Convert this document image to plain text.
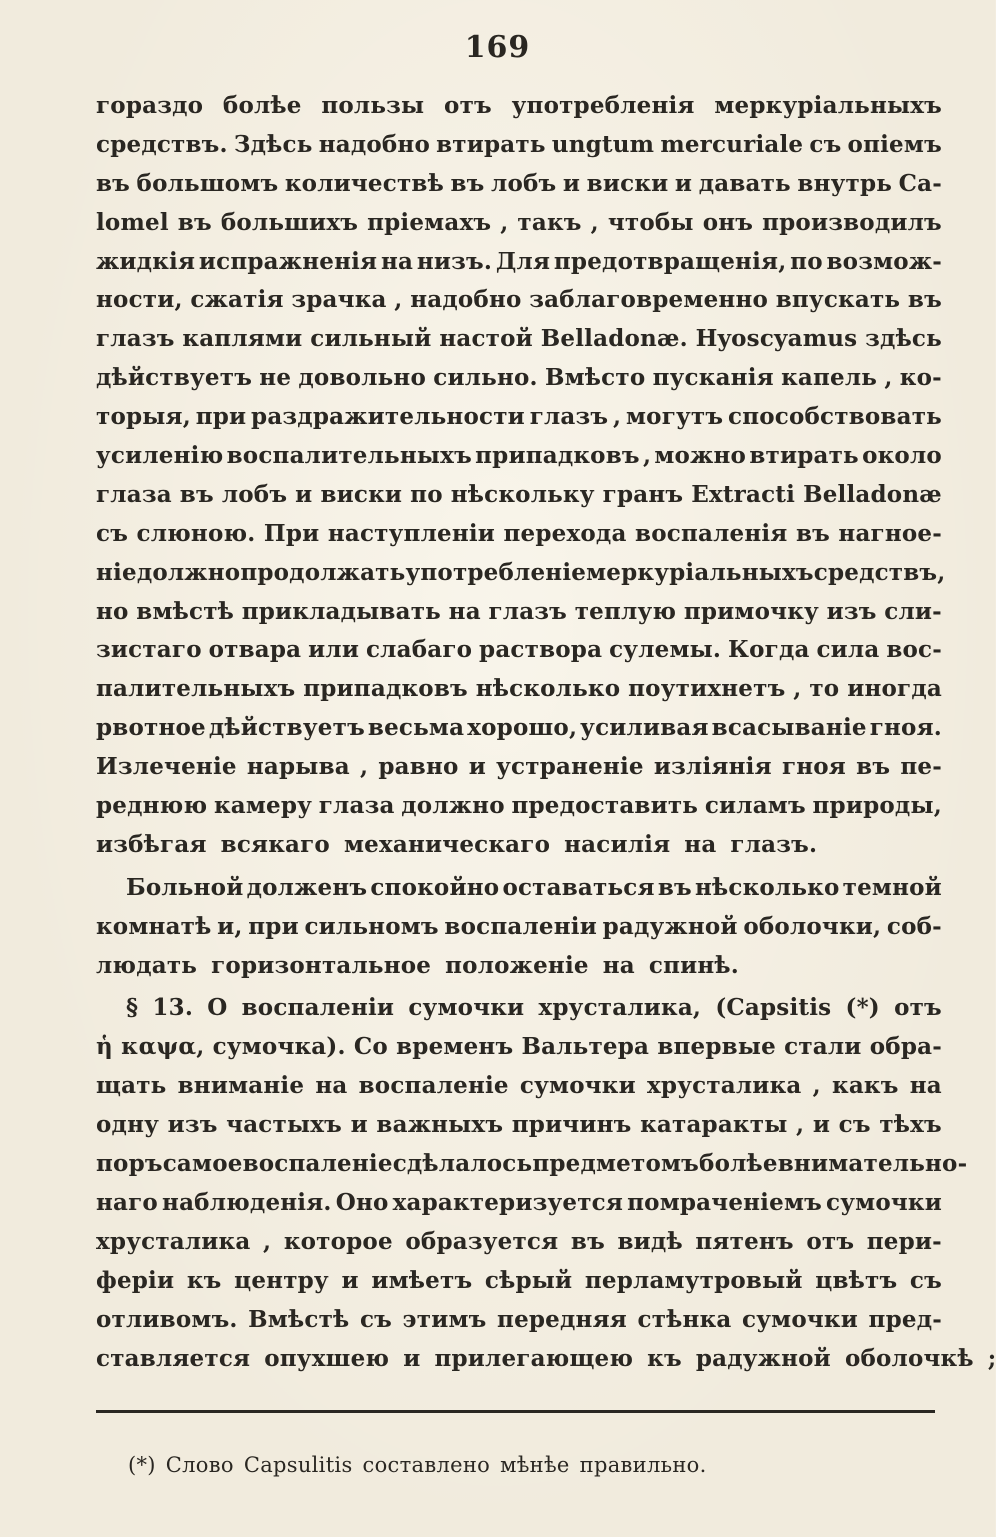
169
гораздо болѣе пользы отъ употребленія меркуріальныхъ
средствъ. Здѣсь надобно втирать ungtum mercuriale съ опіемъ
въ большомъ количествѣ въ лобъ и виски и давать внутрь Ca-
lomel въ большихъ пріемахъ , такъ , чтобы онъ производилъ
жидкія испражненія на низъ. Для предотвращенія, по возмож-
ности, сжатія зрачка , надобно заблаговременно впускать въ
глазъ каплями сильный настой Belladonæ. Hyoscyamus здѣсь
дѣйствуетъ не довольно сильно. Вмѣсто пусканія капель , ко-
торыя, при раздражительности глазъ , могутъ способствовать
усиленію воспалительныхъ припадковъ , можно втирать около
глаза въ лобъ и виски по нѣскольку гранъ Extracti Belladonæ
съ слюною. При наступленіи перехода воспаленія въ нагное-
ніе должно продолжать употребленіе меркуріальныхъ средствъ,
но вмѣстѣ прикладывать на глазъ теплую примочку изъ сли-
зистаго отвара или слабаго раствора сулемы. Когда сила вос-
палительныхъ припадковъ нѣсколько поутихнетъ , то иногда
рвотное дѣйствуетъ весьма хорошо, усиливая всасываніе гноя.
Излеченіе нарыва , равно и устраненіе изліянія гноя въ пе-
реднюю камеру глаза должно предоставить силамъ природы,
избѣгая всякаго механическаго насилія на глазъ.
Больной долженъ спокойно оставаться въ нѣсколько темной
комнатѣ и, при сильномъ воспаленіи радужной оболочки, соб-
людать горизонтальное положеніе на спинѣ.
§ 13. О воспаленіи сумочки хрусталика, (Capsitis (*) отъ
ἡ καψα, сумочка). Со временъ Вальтера впервые стали обра-
щать вниманіе на воспаленіе сумочки хрусталика , какъ на
одну изъ частыхъ и важныхъ причинъ катаракты , и съ тѣхъ
поръ самое воспаленіе сдѣлалось предметомъ болѣе внимательно-
наго наблюденія. Оно характеризуется помраченіемъ сумочки
хрусталика , которое образуется въ видѣ пятенъ отъ пери-
феріи къ центру и имѣетъ сѣрый перламутровый цвѣтъ съ
отливомъ. Вмѣстѣ съ этимъ передняя стѣнка сумочки пред-
ставляется опухшею и прилегающею къ радужной оболочкѣ ;
(*) Слово Capsulitis составлено мѣнѣе правильно.
